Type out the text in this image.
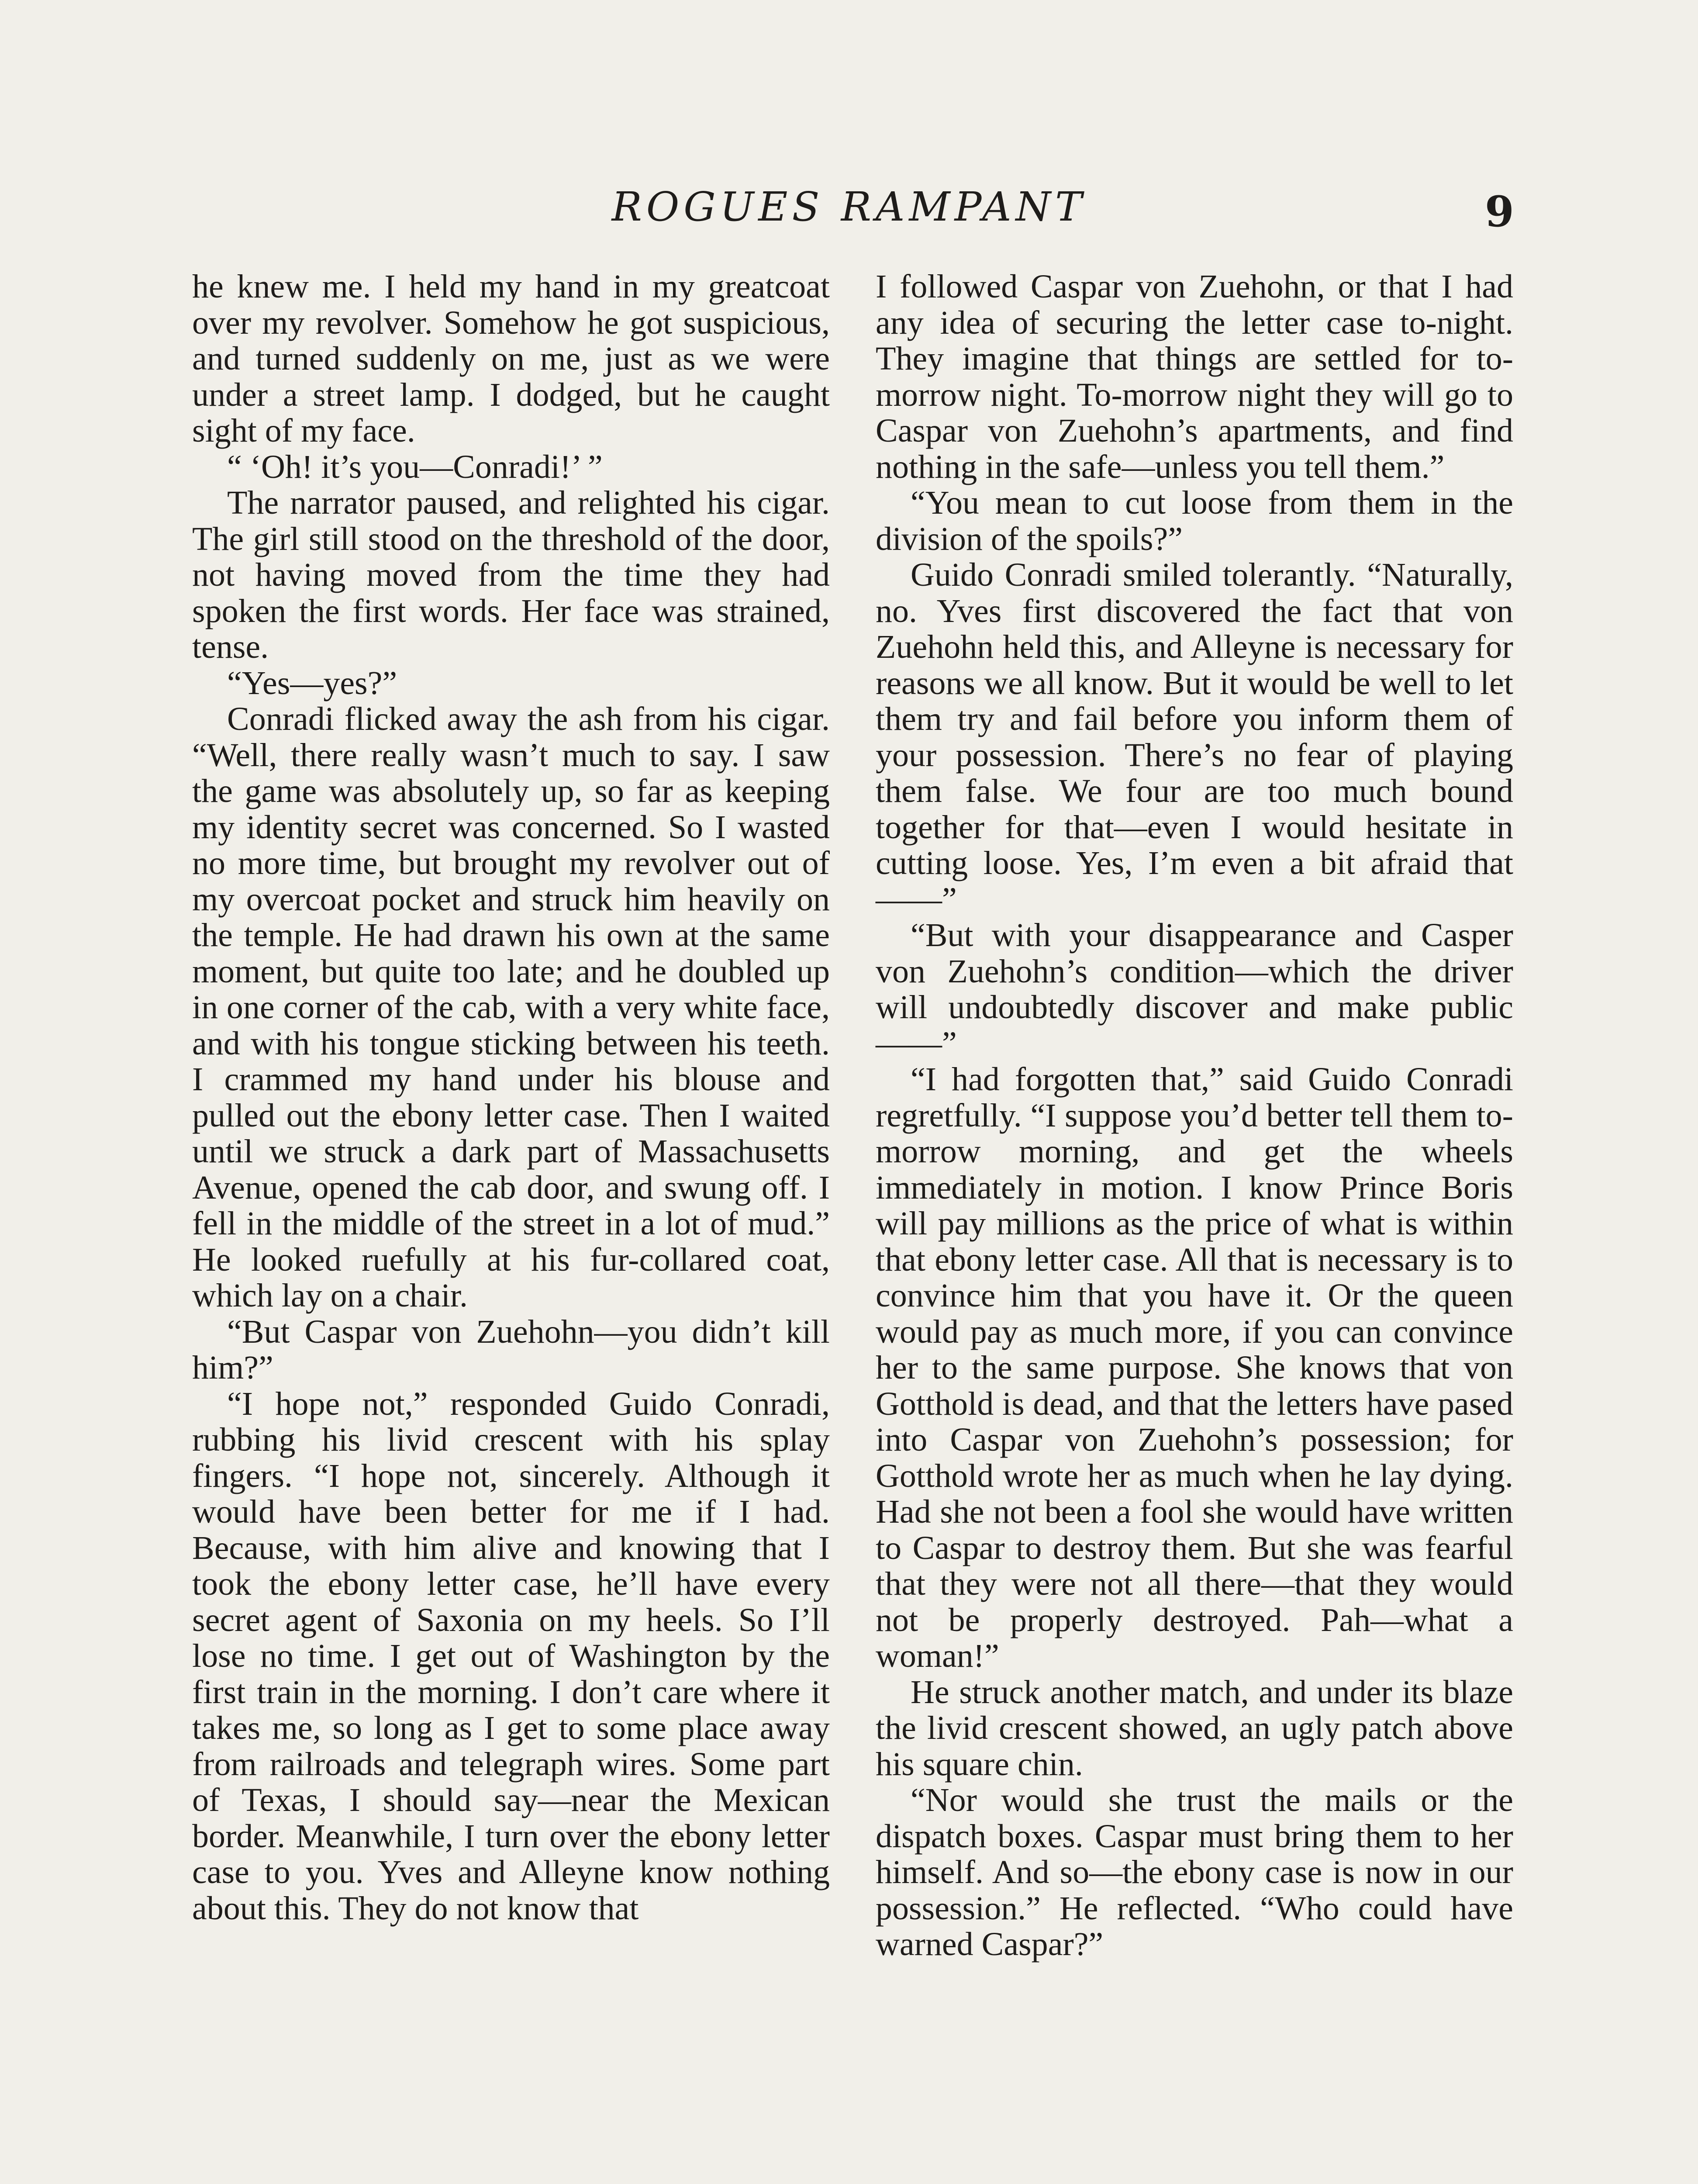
ROGUES RAMPANT	9

he knew me. I held my hand in my greatcoat over my revolver. Somehow he got suspicious, and turned suddenly on me, just as we were under a street lamp. I dodged, but he caught sight of my face.

“ ‘Oh! it’s you—Conradi!’ ”

The narrator paused, and relighted his cigar. The girl still stood on the threshold of the door, not having moved from the time they had spoken the first words. Her face was strained, tense.

“Yes—yes?”

Conradi flicked away the ash from his cigar. “Well, there really wasn’t much to say. I saw the game was absolutely up, so far as keeping my identity secret was concerned. So I wasted no more time, but brought my revolver out of my overcoat pocket and struck him heavily on the temple. He had drawn his own at the same moment, but quite too late; and he doubled up in one corner of the cab, with a very white face, and with his tongue sticking between his teeth. I crammed my hand under his blouse and pulled out the ebony letter case. Then I waited until we struck a dark part of Massachusetts Avenue, opened the cab door, and swung off. I fell in the middle of the street in a lot of mud.” He looked ruefully at his fur-collared coat, which lay on a chair.

“But Caspar von Zuehohn—you didn’t kill him?”

“I hope not,” responded Guido Conradi, rubbing his livid crescent with his splay fingers. “I hope not, sincerely. Although it would have been better for me if I had. Because, with him alive and knowing that I took the ebony letter case, he’ll have every secret agent of Saxonia on my heels. So I’ll lose no time. I get out of Washington by the first train in the morning. I don’t care where it takes me, so long as I get to some place away from railroads and telegraph wires. Some part of Texas, I should say—near the Mexican border. Meanwhile, I turn over the ebony letter case to you. Yves and Alleyne know nothing about this. They do not know that

I followed Caspar von Zuehohn, or that I had any idea of securing the letter case to-night. They imagine that things are settled for to-morrow night. To-morrow night they will go to Caspar von Zuehohn’s apartments, and find nothing in the safe—unless you tell them.”

“You mean to cut loose from them in the division of the spoils?”

Guido Conradi smiled tolerantly. “Naturally, no. Yves first discovered the fact that von Zuehohn held this, and Alleyne is necessary for reasons we all know. But it would be well to let them try and fail before you inform them of your possession. There’s no fear of playing them false. We four are too much bound together for that—even I would hesitate in cutting loose. Yes, I’m even a bit afraid that——”

“But with your disappearance and Casper von Zuehohn’s condition—which the driver will undoubtedly discover and make public——”

“I had forgotten that,” said Guido Conradi regretfully. “I suppose you’d better tell them to-morrow morning, and get the wheels immediately in motion. I know Prince Boris will pay millions as the price of what is within that ebony letter case. All that is necessary is to convince him that you have it. Or the queen would pay as much more, if you can convince her to the same purpose. She knows that von Gotthold is dead, and that the letters have pased into Caspar von Zuehohn’s possession; for Gotthold wrote her as much when he lay dying. Had she not been a fool she would have written to Caspar to destroy them. But she was fearful that they were not all there—that they would not be properly destroyed. Pah—what a woman!”

He struck another match, and under its blaze the livid crescent showed, an ugly patch above his square chin.

“Nor would she trust the mails or the dispatch boxes. Caspar must bring them to her himself. And so—the ebony case is now in our possession.” He reflected. “Who could have warned Caspar?”
